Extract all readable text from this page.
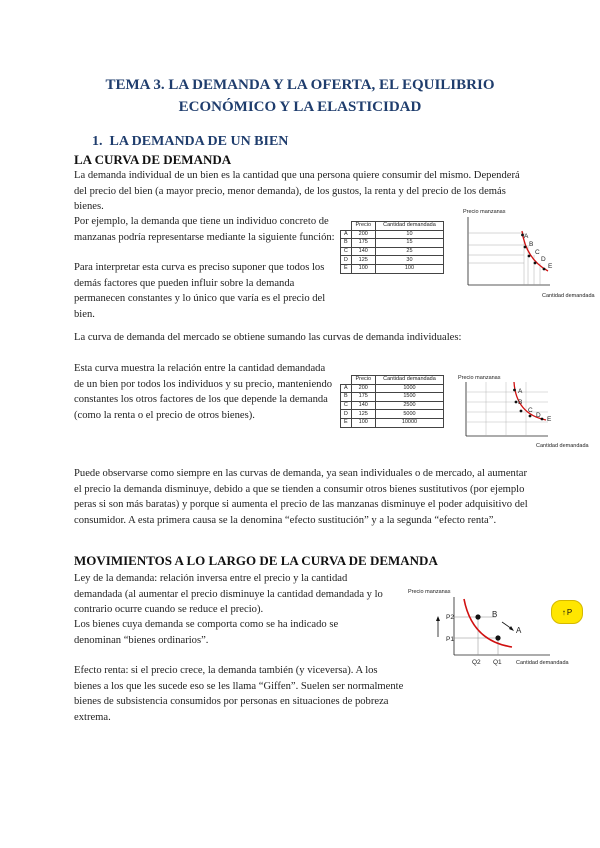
TEMA 3. LA DEMANDA Y LA OFERTA, EL EQUILIBRIO
ECONÓMICO Y LA ELASTICIDAD
1.  LA DEMANDA DE UN BIEN
LA CURVA DE DEMANDA
La demanda individual de un bien es la cantidad que una persona quiere consumir del mismo. Dependerá del precio del bien (a mayor precio, menor demanda), de los gustos, la renta y del precio de los demás bienes.
Por ejemplo, la demanda que tiene un individuo concreto de manzanas podría representarse mediante la siguiente función:
Para interpretar esta curva es preciso suponer que todos los demás factores que pueden influir sobre la demanda permanecen constantes y lo único que varía es el precio del bien.
	Precio	Cantidad demandada
A	200	10
B	175	15
C	140	25
D	125	30
E	100	100
Precio manzanas
A
B
C
D
E
Cantidad demandada
La curva de demanda del mercado se obtiene sumando las curvas de demanda individuales:
Esta curva muestra la relación entre la cantidad demandada de un bien por todos los individuos y su precio, manteniendo constantes los otros factores de los que depende la demanda (como la renta o el precio de otros bienes).
	Precio	Cantidad demandada
A	200	1000
B	175	1500
C	140	2500
D	125	5000
E	100	10000
Precio manzanas
A
B
C
D
E
Cantidad demandada
Puede observarse como siempre en las curvas de demanda, ya sean individuales o de mercado, al aumentar el precio la demanda disminuye, debido a que se tienden a consumir otros bienes sustitutivos (por ejemplo peras si son más baratas) y porque si aumenta el precio de las manzanas disminuye el poder adquisitivo del consumidor. A esta primera causa se la denomina “efecto sustitución” y a la segunda “efecto renta”.
MOVIMIENTOS A LO LARGO DE LA CURVA DE DEMANDA
Ley de la demanda: relación inversa entre el precio y la cantidad demandada (al aumentar el precio disminuye la cantidad demandada y lo contrario ocurre cuando se reduce el precio).
Los bienes cuya demanda se comporta como se ha indicado se denominan “bienes ordinarios”.
Efecto renta: si el precio crece, la demanda también (y viceversa). A los bienes a los que les sucede eso se les llama “Giffen”. Suelen ser normalmente bienes de subsistencia consumidos por personas en situaciones de pobreza extrema.
Precio manzanas
P2
P1
Q2 Q1
B
A
Cantidad demandada
↑ P
